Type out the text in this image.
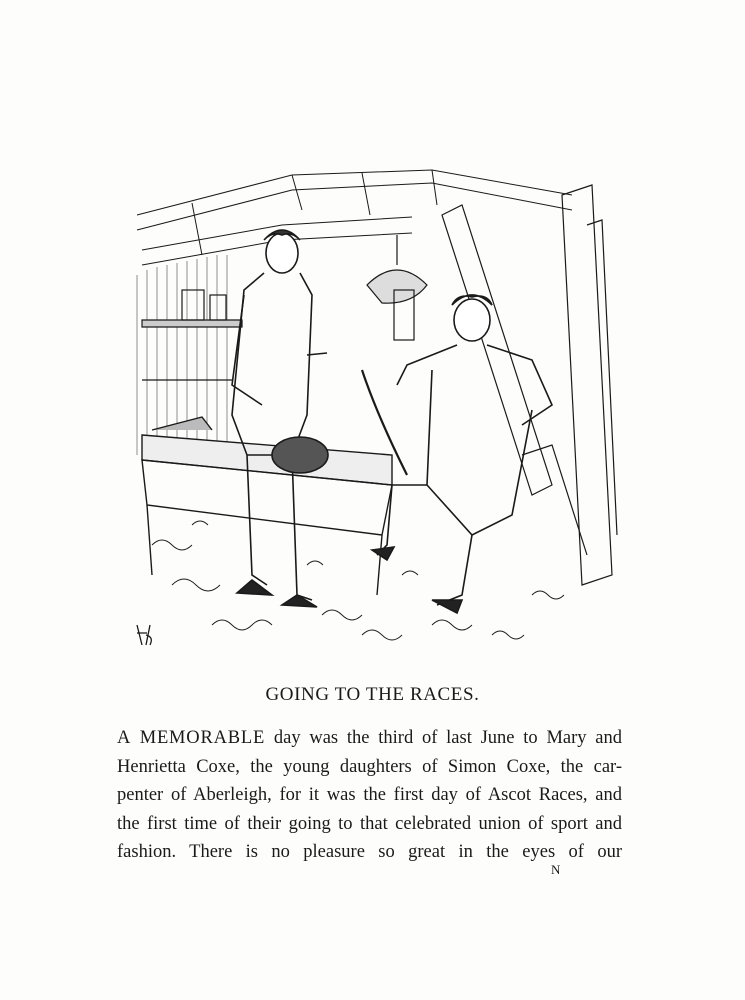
GOING TO THE RACES.
A MEMORABLE day was the third of last June to Mary and
Henrietta Coxe, the young daughters of Simon Coxe, the car-
penter of Aberleigh, for it was the first day of Ascot Races, and
the first time of their going to that celebrated union of sport and
fashion. There is no pleasure so great in the eyes of our
N
